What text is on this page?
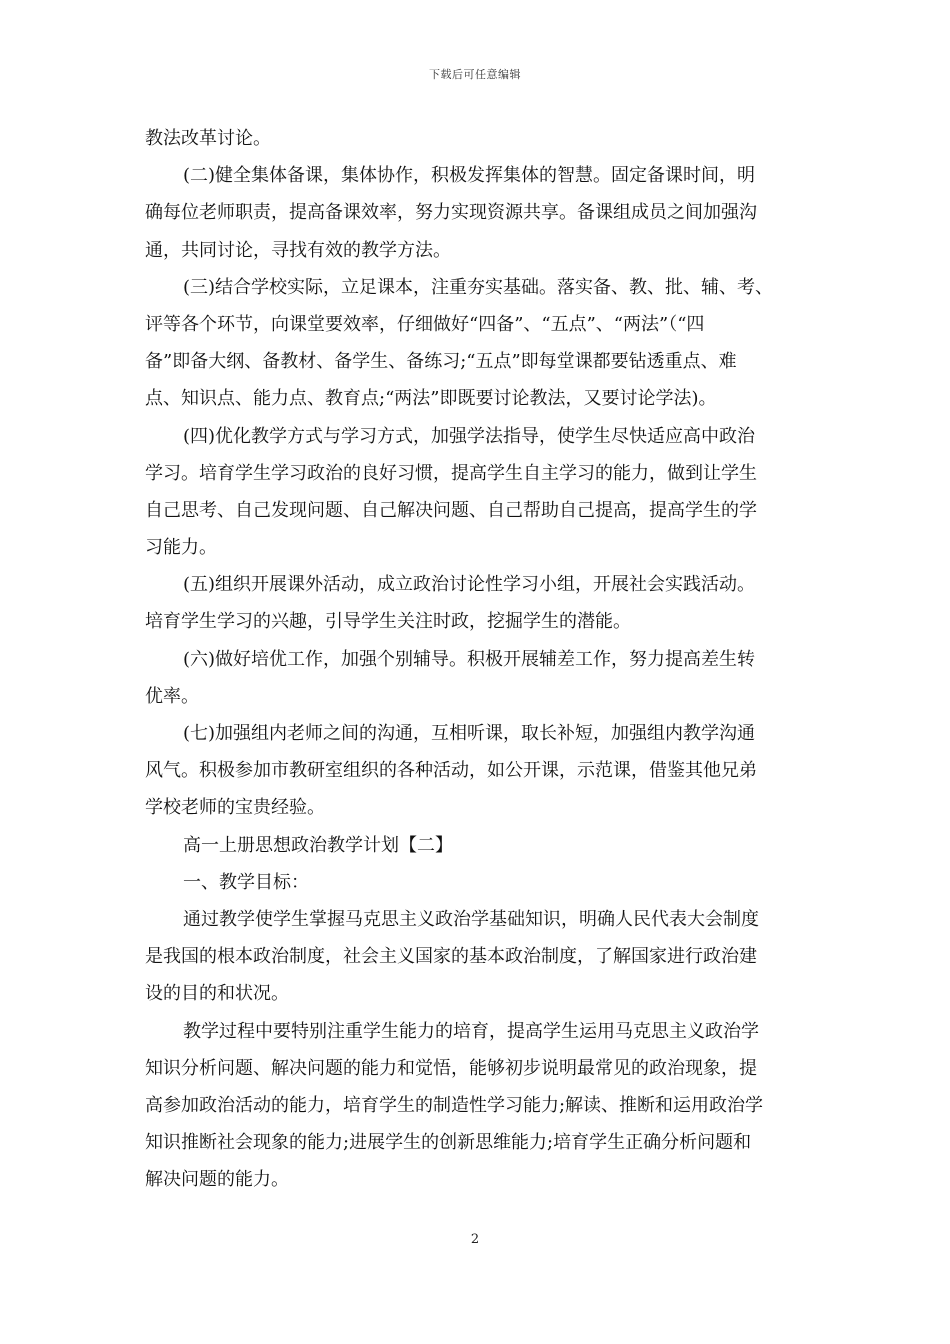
下载后可任意编辑
教法改革讨论。
(二)健全集体备课，集体协作，积极发挥集体的智慧。固定备课时间，明
确每位老师职责，提高备课效率，努力实现资源共享。备课组成员之间加强沟
通，共同讨论，寻找有效的教学方法。
(三)结合学校实际，立足课本，注重夯实基础。落实备、教、批、辅、考、
评等各个环节，向课堂要效率，仔细做好“四备”、“五点”、“两法”（“四
备”即备大纲、备教材、备学生、备练习;“五点”即每堂课都要钻透重点、难
点、知识点、能力点、教育点;“两法”即既要讨论教法，又要讨论学法)。
(四)优化教学方式与学习方式，加强学法指导，使学生尽快适应高中政治
学习。培育学生学习政治的良好习惯，提高学生自主学习的能力，做到让学生
自己思考、自己发现问题、自己解决问题、自己帮助自己提高，提高学生的学
习能力。
(五)组织开展课外活动，成立政治讨论性学习小组，开展社会实践活动。
培育学生学习的兴趣，引导学生关注时政，挖掘学生的潜能。
(六)做好培优工作，加强个别辅导。积极开展辅差工作，努力提高差生转
优率。
(七)加强组内老师之间的沟通，互相听课，取长补短，加强组内教学沟通
风气。积极参加市教研室组织的各种活动，如公开课，示范课，借鉴其他兄弟
学校老师的宝贵经验。
高一上册思想政治教学计划【二】
一、教学目标：
通过教学使学生掌握马克思主义政治学基础知识，明确人民代表大会制度
是我国的根本政治制度，社会主义国家的基本政治制度，了解国家进行政治建
设的目的和状况。
教学过程中要特别注重学生能力的培育，提高学生运用马克思主义政治学
知识分析问题、解决问题的能力和觉悟，能够初步说明最常见的政治现象，提
高参加政治活动的能力，培育学生的制造性学习能力;解读、推断和运用政治学
知识推断社会现象的能力;进展学生的创新思维能力;培育学生正确分析问题和
解决问题的能力。
2
